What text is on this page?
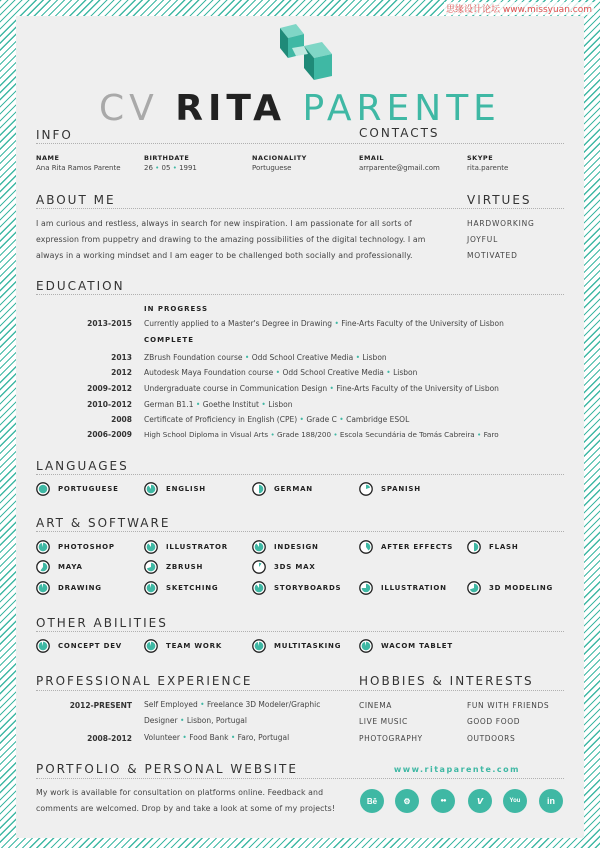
思缘设计论坛 www.missyuan.com
CV RITA PARENTE
INFO	CONTACTS
NAME
Ana Rita Ramos Parente
BIRTHDATE
26 • 05 • 1991
NACIONALITY
Portuguese
EMAIL
arrparente@gmail.com
SKYPE
rita.parente
ABOUT ME	VIRTUES
I am curious and restless, always in search for new inspiration. I am passionate for all sorts of
expression from puppetry and drawing to the amazing possibilities of the digital technology. I am
always in a working mindset and I am eager to be challenged both socially and professionally.
HARDWORKING
JOYFUL
MOTIVATED
EDUCATION
IN PROGRESS
2013-2015 Currently applied to a Master's Degree in Drawing • Fine-Arts Faculty of the University of Lisbon
COMPLETE
2013 ZBrush Foundation course • Odd School Creative Media • Lisbon
2012 Autodesk Maya Foundation course • Odd School Creative Media • Lisbon
2009-2012 Undergraduate course in Communication Design • Fine-Arts Faculty of the University of Lisbon
2010-2012 German B1.1 • Goethe Institut • Lisbon
2008 Certificate of Proficiency in English (CPE) • Grade C • Cambridge ESOL
2006-2009 High School Diploma in Visual Arts • Grade 188/200 • Escola Secundária de Tomás Cabreira • Faro
LANGUAGES
PORTUGUESE	ENGLISH	GERMAN	SPANISH
ART & SOFTWARE
PHOTOSHOP	ILLUSTRATOR	INDESIGN	AFTER EFFECTS	FLASH
MAYA	ZBRUSH	3DS MAX
DRAWING	SKETCHING	STORYBOARDS	ILLUSTRATION	3D MODELING
OTHER ABILITIES
CONCEPT DEV	TEAM WORK	MULTITASKING	WACOM TABLET
PROFESSIONAL EXPERIENCE	HOBBIES & INTERESTS
2012-PRESENT Self Employed • Freelance 3D Modeler/Graphic
Designer • Lisbon, Portugal
2008-2012 Volunteer • Food Bank • Faro, Portugal
CINEMA	FUN WITH FRIENDS
LIVE MUSIC	GOOD FOOD
PHOTOGRAPHY	OUTDOORS
PORTFOLIO & PERSONAL WEBSITE	www.ritaparente.com
My work is available for consultation on platforms online. Feedback and
comments are welcomed. Drop by and take a look at some of my projects!
Bē	⚙	●●	v	You	in
